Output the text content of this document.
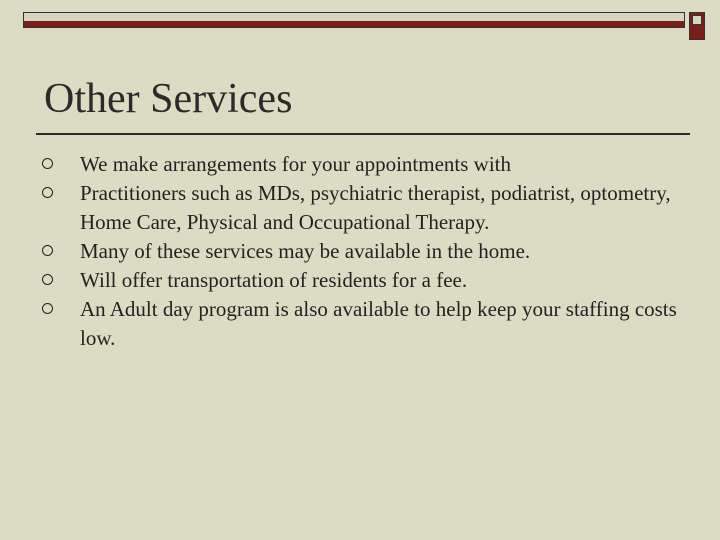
Other Services
We make arrangements for your appointments with
Practitioners such as MDs, psychiatric therapist, podiatrist, optometry, Home Care, Physical and Occupational Therapy.
Many of these services may be available in the home.
Will offer transportation of residents for a fee.
An Adult day program is also available to help keep your staffing costs low.
